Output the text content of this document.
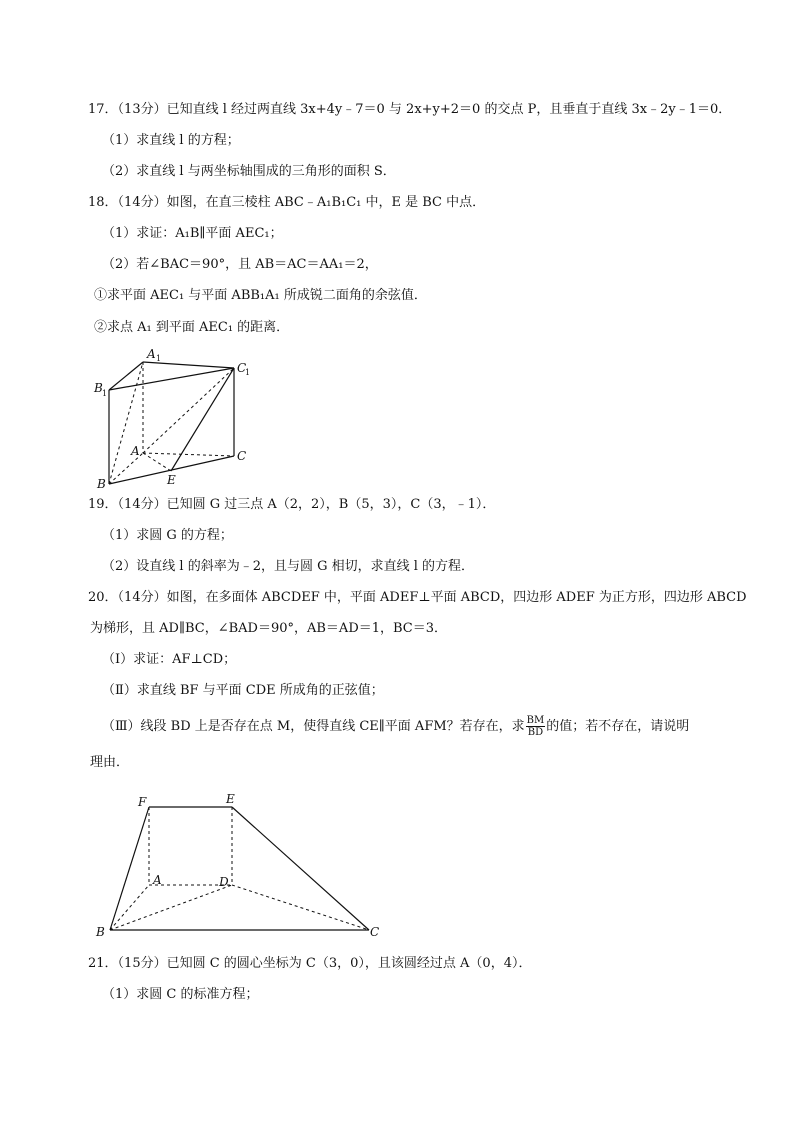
17．（13分）已知直线 l 经过两直线 3x+4y﹣7＝0 与 2x+y+2＝0 的交点 P，且垂直于直线 3x﹣2y﹣1＝0．
（1）求直线 l 的方程；
（2）求直线 l 与两坐标轴围成的三角形的面积 S．
18．（14分）如图，在直三棱柱 ABC﹣A₁B₁C₁ 中，E 是 BC 中点．
（1）求证：A₁B∥平面 AEC₁；
（2）若∠BAC＝90°，且 AB＝AC＝AA₁＝2，
①求平面 AEC₁ 与平面 ABB₁A₁ 所成锐二面角的余弦值．
②求点 A₁ 到平面 AEC₁ 的距离．
A 1
B 1
C
1
A
B
C
E
19．（14分）已知圆 G 过三点 A（2，2），B（5，3），C（3，﹣1）．
（1）求圆 G 的方程；
（2）设直线 l 的斜率为﹣2，且与圆 G 相切，求直线 l 的方程．
20．（14分）如图，在多面体 ABCDEF 中，平面 ADEF⊥平面 ABCD，四边形 ADEF 为正方形，四边形 ABCD
为梯形，且 AD∥BC，∠BAD＝90°，AB＝AD＝1，BC＝3．
（Ⅰ）求证：AF⊥CD；
（Ⅱ）求直线 BF 与平面 CDE 所成角的正弦值；
（Ⅲ）线段 BD 上是否存在点 M，使得直线 CE∥平面 AFM？若存在，求 $\frac{BM}{BD}$ 的值；若不存在，请说明
理由．
F	E
A	D
B	C
21．（15分）已知圆 C 的圆心坐标为 C（3，0），且该圆经过点 A（0，4）．
（1）求圆 C 的标准方程；
